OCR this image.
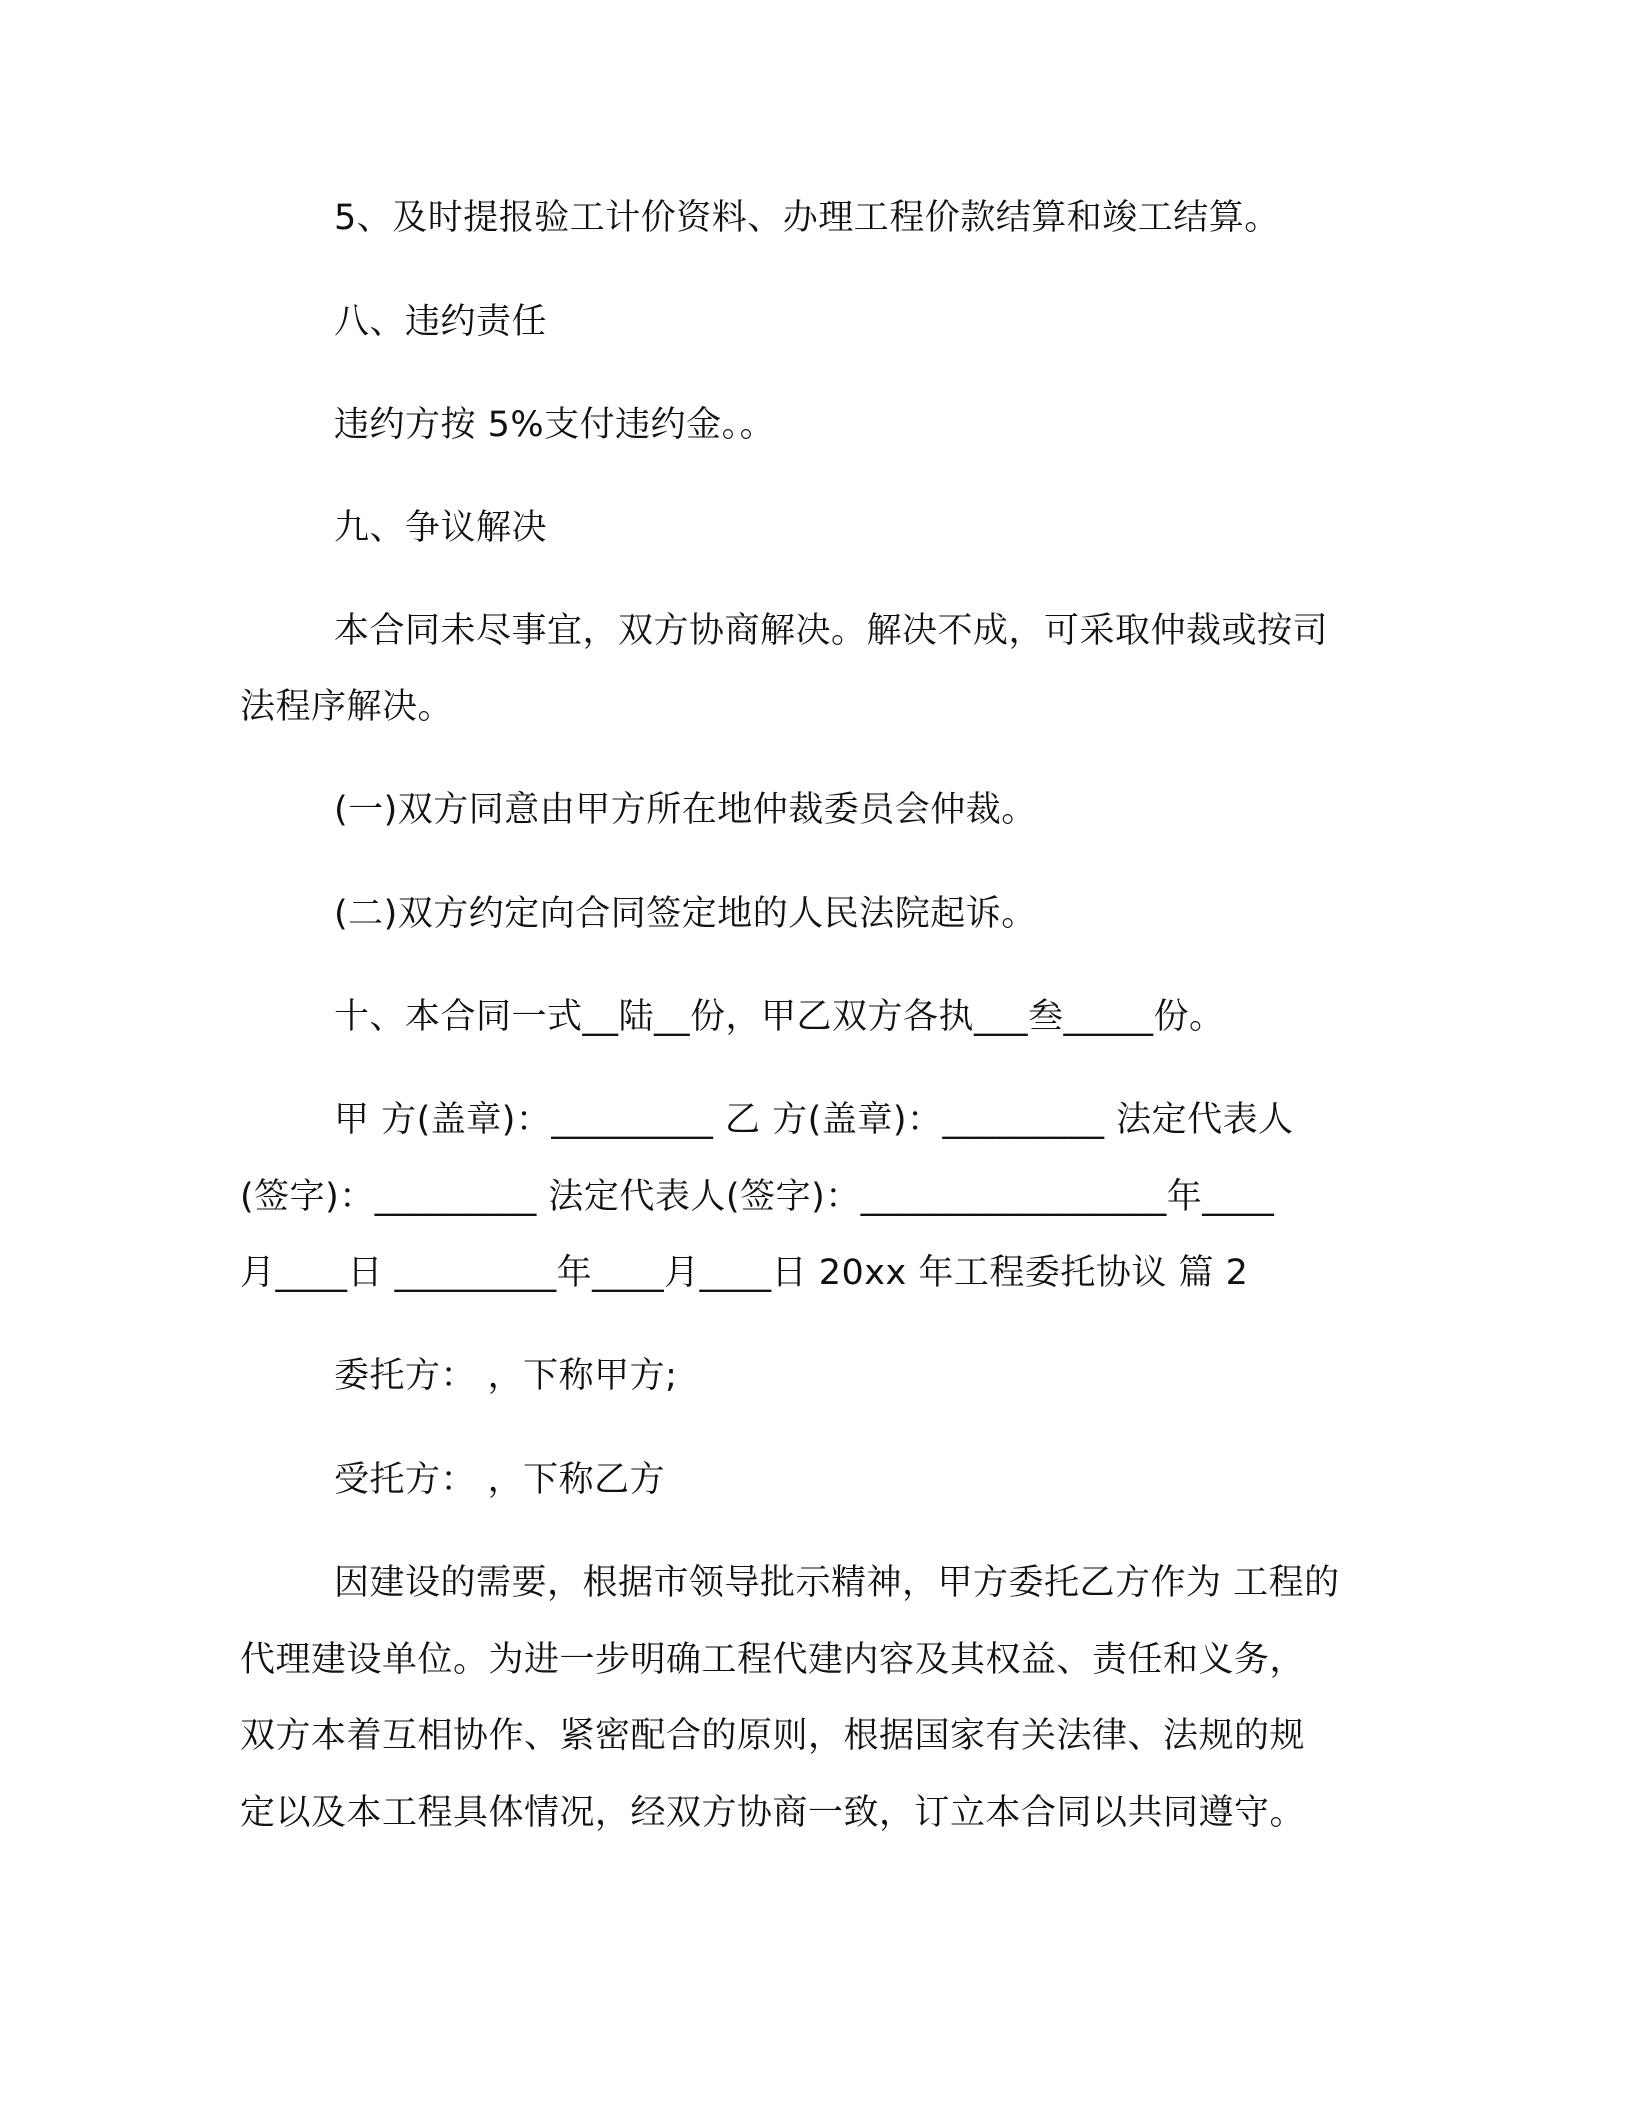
5、及时提报验工计价资料、办理工程价款结算和竣工结算。
八、违约责任
违约方按 5%支付违约金。。
九、争议解决
本合同未尽事宜，双方协商解决。解决不成，可采取仲裁或按司
法程序解决。
(一)双方同意由甲方所在地仲裁委员会仲裁。
(二)双方约定向合同签定地的人民法院起诉。
十、本合同一式__陆__份，甲乙双方各执___叁_____份。
甲 方(盖章)：_________ 乙 方(盖章)：_________ 法定代表人
(签字)：_________ 法定代表人(签字)：_________________年____
月____日 _________年____月____日 20xx 年工程委托协议 篇 2
委托方： ，下称甲方;
受托方： ，下称乙方
因建设的需要，根据市领导批示精神，甲方委托乙方作为 工程的
代理建设单位。为进一步明确工程代建内容及其权益、责任和义务，
双方本着互相协作、紧密配合的原则，根据国家有关法律、法规的规
定以及本工程具体情况，经双方协商一致，订立本合同以共同遵守。
